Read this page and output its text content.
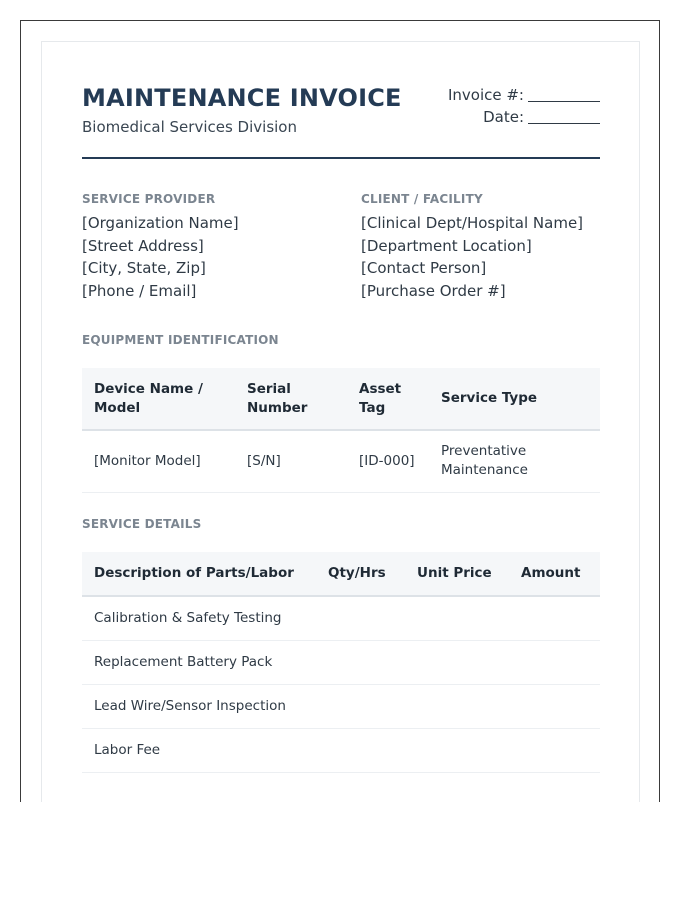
MAINTENANCE INVOICE
Biomedical Services Division
Invoice #:
Date:
SERVICE PROVIDER
[Organization Name]
[Street Address]
[City, State, Zip]
[Phone / Email]
CLIENT / FACILITY
[Clinical Dept/Hospital Name]
[Department Location]
[Contact Person]
[Purchase Order #]
EQUIPMENT IDENTIFICATION
Device Name / Model	Serial Number	Asset Tag	Service Type
[Monitor Model]	[S/N]	[ID-000]	Preventative Maintenance
SERVICE DETAILS
Description of Parts/Labor	Qty/Hrs	Unit Price	Amount
Calibration & Safety Testing			
Replacement Battery Pack			
Lead Wire/Sensor Inspection			
Labor Fee			
